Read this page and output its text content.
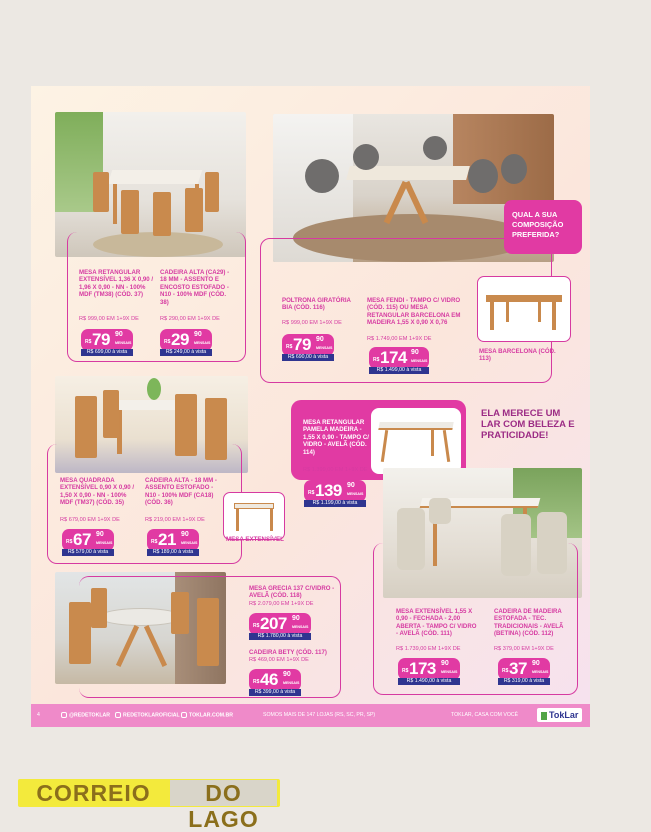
MESA RETANGULAR EXTENSÍVEL 1,36 X 0,90 / 1,96 X 0,90 - NN - 100% MDF (TM38) (CÓD. 37)
R$ 999,00 EM 1+9X DE
R$ 79 90
MENSAIS
R$ 699,00 à vista
CADEIRA ALTA (CA29) - 18 MM - ASSENTO E ENCOSTO ESTOFADO - N10 - 100% MDF (CÓD. 38)
R$ 290,00 EM 1+9X DE
R$ 29 90
MENSAIS
R$ 249,00 à vista
QUAL A SUA COMPOSIÇÃO PREFERIDA?
POLTRONA GIRATÓRIA BIA (CÓD. 116)
R$ 999,00 EM 1+9X DE
R$ 79 90
MENSAIS
R$ 690,00 à vista
MESA FENDI - TAMPO C/ VIDRO (CÓD. 115) OU MESA RETANGULAR BARCELONA EM MADEIRA 1,55 X 0,90 X 0,76
R$ 1.749,00 EM 1+9X DE
R$ 174 90
MENSAIS
R$ 1.499,00 à vista
MESA BARCELONA (CÓD. 113)
MESA QUADRADA EXTENSÍVEL 0,90 X 0,90 / 1,50 X 0,90 - NN - 100% MDF (TM37) (CÓD. 35)
R$ 679,00 EM 1+9X DE
R$ 67 90
MENSAIS
R$ 579,00 à vista
CADEIRA ALTA - 18 MM - ASSENTO ESTOFADO - N10 - 100% MDF (CA18) (CÓD. 36)
R$ 219,00 EM 1+9X DE
R$ 21 90
MENSAIS
R$ 189,00 à vista
MESA EXTENSÍVEL
MESA RETANGULAR PAMELA MADEIRA - 1,55 X 0,90 - TAMPO C/ VIDRO - AVELÃ (CÓD. 114)
R$ 1.399,00 EM 1+9X DE
R$ 139 90
MENSAIS
R$ 1.199,00 à vista
ELA MERECE UM LAR COM BELEZA E PRATICIDADE!
MESA EXTENSÍVEL 1,55 X 0,90 - FECHADA - 2,00 ABERTA - TAMPO C/ VIDRO - AVELÃ (CÓD. 111)
R$ 1.739,00 EM 1+9X DE
R$ 173 90
MENSAIS
R$ 1.490,00 à vista
CADEIRA DE MADEIRA ESTOFADA - TEC. TRADICIONAIS - AVELÃ (BETINA) (CÓD. 112)
R$ 379,00 EM 1+9X DE
R$ 37 90
MENSAIS
R$ 319,00 à vista
MESA GRECIA 137 C/VIDRO - AVELÃ (CÓD. 118)
R$ 2.079,00 EM 1+9X DE
R$ 207 90
MENSAIS
R$ 1.780,00 à vista
CADEIRA BETY (CÓD. 117)
R$ 469,00 EM 1+9X DE
R$ 46 90
MENSAIS
R$ 399,00 à vista
4	@REDETOKLAR	REDETOKLAROFICIAL	TOKLAR.COM.BR	SOMOS MAIS DE 147 LOJAS (RS, SC, PR, SP)	TOKLAR, CASA COM VOCÊ	TokLar
CORREIO	DO LAGO
